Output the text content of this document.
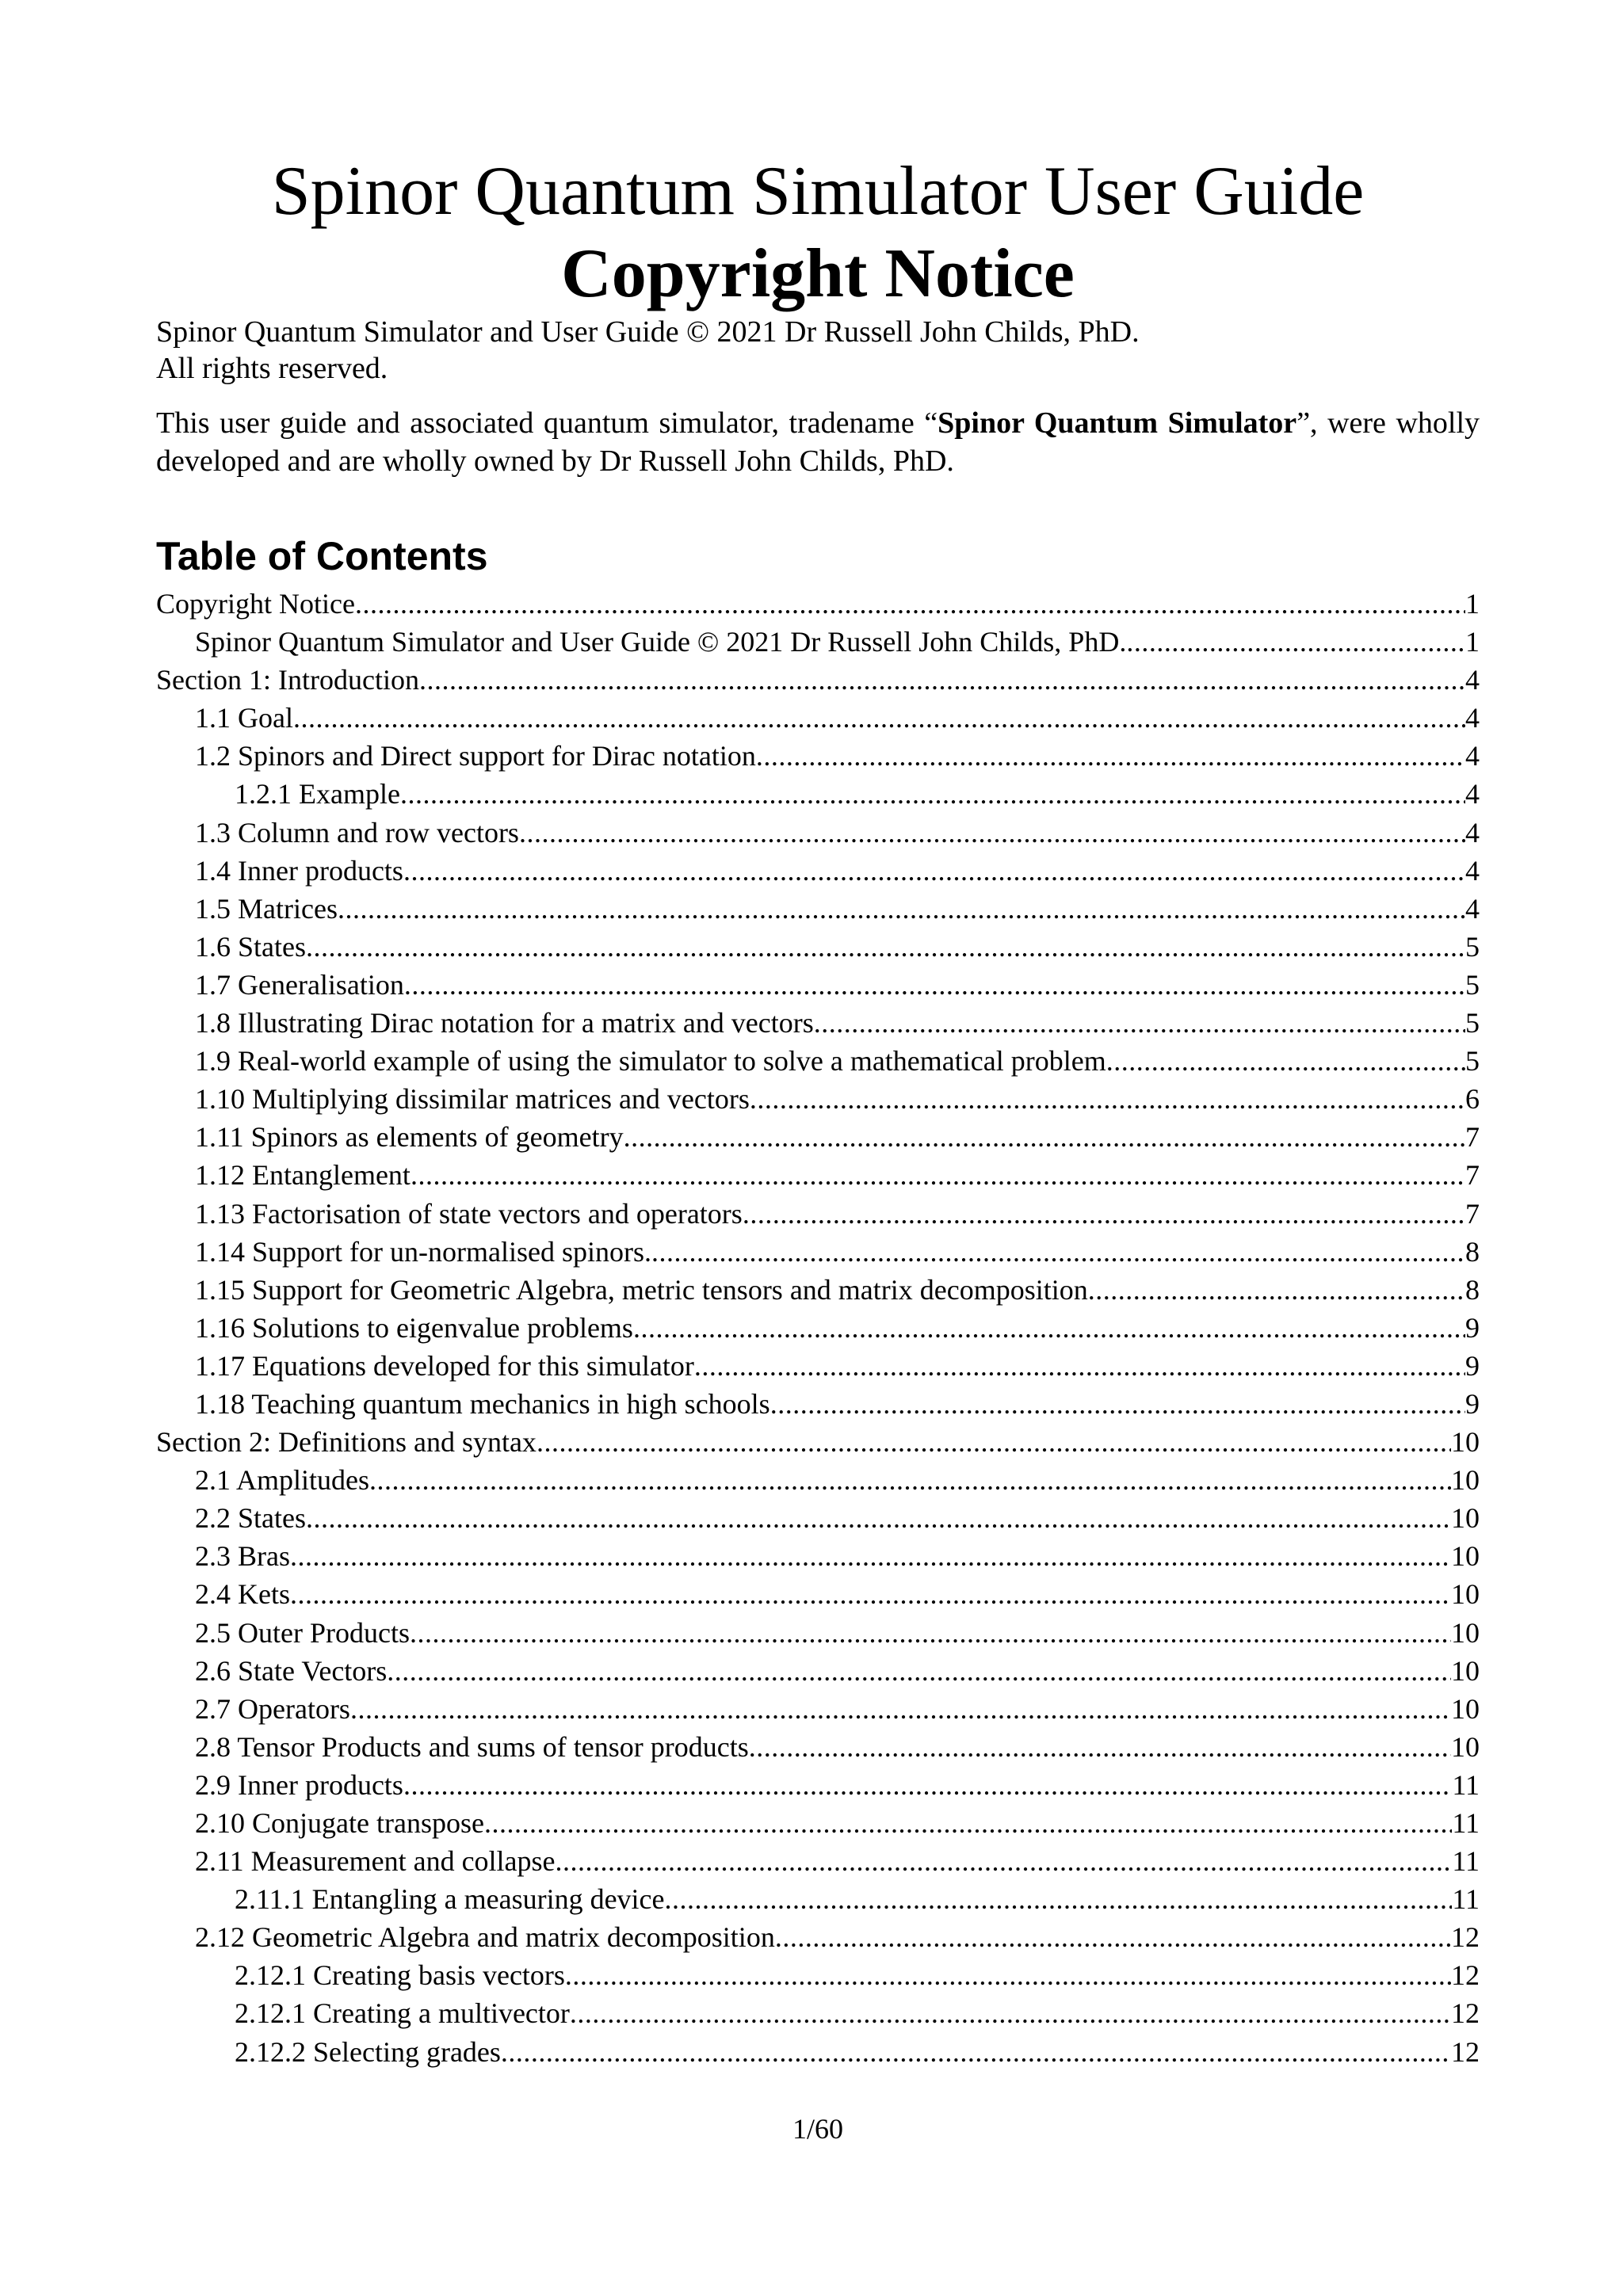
Spinor Quantum Simulator User Guide
Copyright Notice

Spinor Quantum Simulator and User Guide © 2021 Dr Russell John Childs, PhD.

All rights reserved.

This user guide and associated quantum simulator, tradename “Spinor Quantum Simulator”, were wholly developed and are wholly owned by Dr Russell John Childs, PhD.

Table of Contents
Copyright Notice .....	1
Spinor Quantum Simulator and User Guide © 2021 Dr Russell John Childs, PhD. .....	1
Section 1: Introduction .....	4
1.1 Goal .....	4
1.2 Spinors and Direct support for Dirac notation .....	4
1.2.1 Example .....	4
1.3 Column and row vectors .....	4
1.4 Inner products .....	4
1.5 Matrices .....	4
1.6 States .....	5
1.7 Generalisation .....	5
1.8 Illustrating Dirac notation for a matrix and vectors .....	5
1.9 Real-world example of using the simulator to solve a mathematical problem .....	5
1.10 Multiplying dissimilar matrices and vectors .....	6
1.11 Spinors as elements of geometry .....	7
1.12 Entanglement .....	7
1.13 Factorisation of state vectors and operators .....	7
1.14 Support for un-normalised spinors. .....	8
1.15 Support for Geometric Algebra, metric tensors and matrix decomposition .....	8
1.16 Solutions to eigenvalue problems .....	9
1.17 Equations developed for this simulator .....	9
1.18 Teaching quantum mechanics in high schools .....	9
Section 2: Definitions and syntax .....	10
2.1 Amplitudes .....	10
2.2 States .....	10
2.3 Bras .....	10
2.4 Kets .....	10
2.5 Outer Products .....	10
2.6 State Vectors .....	10
2.7 Operators .....	10
2.8 Tensor Products and sums of tensor products .....	10
2.9 Inner products .....	11
2.10 Conjugate transpose .....	11
2.11 Measurement and collapse .....	11
2.11.1 Entangling a measuring device .....	11
2.12 Geometric Algebra and matrix decomposition .....	12
2.12.1 Creating basis vectors .....	12
2.12.1 Creating a multivector .....	12
2.12.2 Selecting grades .....	12
1/60
